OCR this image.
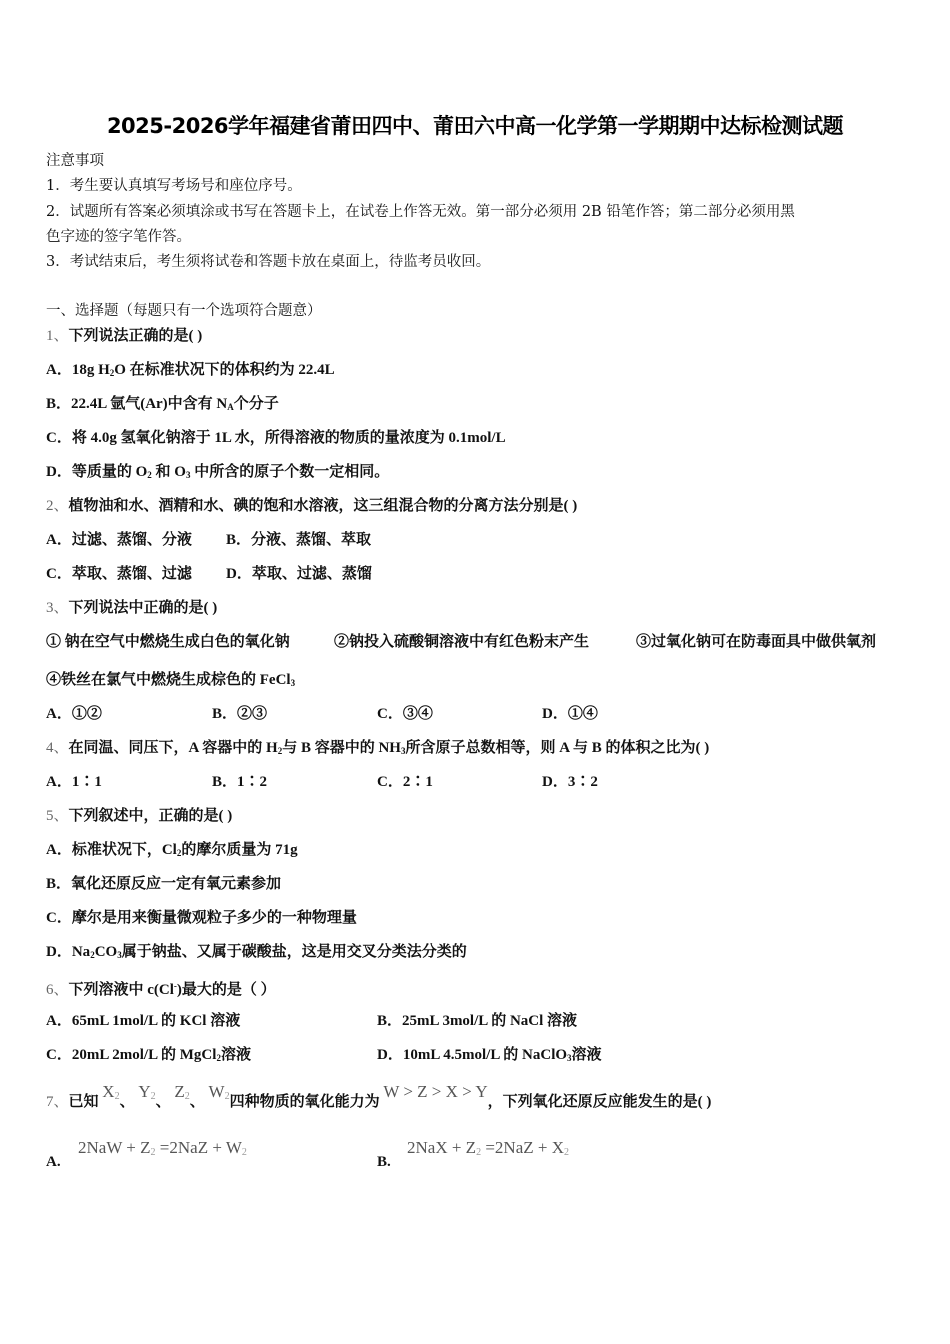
2025-2026学年福建省莆田四中、莆田六中高一化学第一学期期中达标检测试题
注意事项
1．考生要认真填写考场号和座位序号。
2．试题所有答案必须填涂或书写在答题卡上，在试卷上作答无效。第一部分必须用 2B 铅笔作答；第二部分必须用黑
色字迹的签字笔作答。
3．考试结束后，考生须将试卷和答题卡放在桌面上，待监考员收回。
一、选择题（每题只有一个选项符合题意）
1、下列说法正确的是( )
A．18g $H_2O$ 在标准状况下的体积约为 22.4L
B．22.4L 氩气(Ar)中含有 $N_A$个分子
C．将 4.0g 氢氧化钠溶于 1L 水，所得溶液的物质的量浓度为 0.1mol/L
D．等质量的 $O_2$ 和 $O_3$ 中所含的原子个数一定相同。
2、植物油和水、酒精和水、碘的饱和水溶液，这三组混合物的分离方法分别是( )
A．过滤、蒸馏、分液 B．分液、蒸馏、萃取
C．萃取、蒸馏、过滤 D．萃取、过滤、蒸馏
3、下列说法中正确的是( )
① 钠在空气中燃烧生成白色的氧化钠	②钠投入硫酸铜溶液中有红色粉末产生	③过氧化钠可在防毒面具中做供氧剂
④铁丝在氯气中燃烧生成棕色的 FeCl$_3$
A．①②	B．②③	C．③④	D．①④
4、在同温、同压下，A 容器中的 $H_2$与 B 容器中的 $NH_3$所含原子总数相等，则 A 与 B 的体积之比为( )
A．1∶1	B．1∶2	C．2∶1	D．3∶2
5、下列叙述中，正确的是( )
A．标准状况下，$Cl_2$的摩尔质量为 71g
B．氧化还原反应一定有氧元素参加
C．摩尔是用来衡量微观粒子多少的一种物理量
D．$Na_2CO_3$属于钠盐、又属于碳酸盐，这是用交叉分类法分类的
6、下列溶液中 c(Cl-)最大的是（ ）
A．65mL 1mol/L 的 KCl 溶液	B．25mL 3mol/L 的 NaCl 溶液
C．20mL 2mol/L 的 MgCl$_2$溶液	D．10mL 4.5mol/L 的 NaClO$_3$溶液
7、已知 $X_2$、 $Y_2$、 $Z_2$、 $W_2$四种物质的氧化能力为 W > Z > X > Y，下列氧化还原反应能发生的是( )
A.
$2NaW + Z_2 =2NaZ + W_2$
B.
$2NaX + Z_2 =2NaZ + X_2$
